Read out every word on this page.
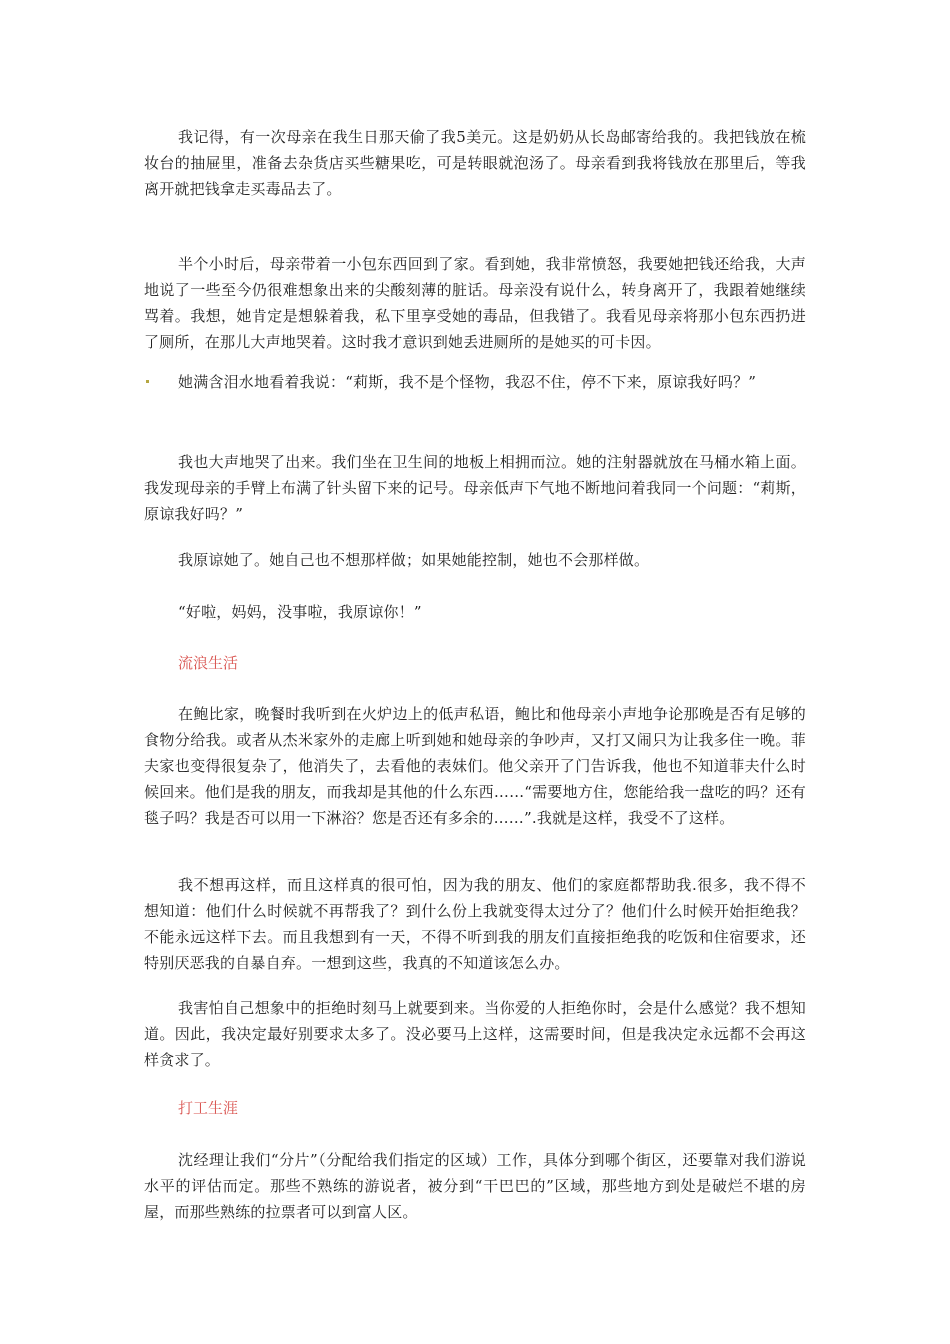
我记得，有一次母亲在我生日那天偷了我5美元。这是奶奶从长岛邮寄给我的。我把钱放在梳妆台的抽屉里，准备去杂货店买些糖果吃，可是转眼就泡汤了。母亲看到我将钱放在那里后，等我离开就把钱拿走买毒品去了。

半个小时后，母亲带着一小包东西回到了家。看到她，我非常愤怒，我要她把钱还给我，大声地说了一些至今仍很难想象出来的尖酸刻薄的脏话。母亲没有说什么，转身离开了，我跟着她继续骂着。我想，她肯定是想躲着我，私下里享受她的毒品，但我错了。我看见母亲将那小包东西扔进了厕所，在那儿大声地哭着。这时我才意识到她丢进厕所的是她买的可卡因。

她满含泪水地看着我说：“莉斯，我不是个怪物，我忍不住，停不下来，原谅我好吗？”

我也大声地哭了出来。我们坐在卫生间的地板上相拥而泣。她的注射器就放在马桶水箱上面。我发现母亲的手臂上布满了针头留下来的记号。母亲低声下气地不断地问着我同一个问题：“莉斯，原谅我好吗？”

我原谅她了。她自己也不想那样做；如果她能控制，她也不会那样做。

“好啦，妈妈，没事啦，我原谅你！”

流浪生活

在鲍比家，晚餐时我听到在火炉边上的低声私语，鲍比和他母亲小声地争论那晚是否有足够的食物分给我。或者从杰米家外的走廊上听到她和她母亲的争吵声，又打又闹只为让我多住一晚。菲夫家也变得很复杂了，他消失了，去看他的表妹们。他父亲开了门告诉我，他也不知道菲夫什么时候回来。他们是我的朋友，而我却是其他的什么东西……“需要地方住，您能给我一盘吃的吗？还有毯子吗？我是否可以用一下淋浴？您是否还有多余的……”.我就是这样，我受不了这样。

我不想再这样，而且这样真的很可怕，因为我的朋友、他们的家庭都帮助我.很多，我不得不想知道：他们什么时候就不再帮我了？到什么份上我就变得太过分了？他们什么时候开始拒绝我？不能永远这样下去。而且我想到有一天，不得不听到我的朋友们直接拒绝我的吃饭和住宿要求，还特别厌恶我的自暴自弃。一想到这些，我真的不知道该怎么办。

我害怕自己想象中的拒绝时刻马上就要到来。当你爱的人拒绝你时，会是什么感觉？我不想知道。因此，我决定最好别要求太多了。没必要马上这样，这需要时间，但是我决定永远都不会再这样贪求了。

打工生涯

沈经理让我们“分片”（分配给我们指定的区域）工作，具体分到哪个街区，还要靠对我们游说水平的评估而定。那些不熟练的游说者，被分到“干巴巴的”区域，那些地方到处是破烂不堪的房屋，而那些熟练的拉票者可以到富人区。
